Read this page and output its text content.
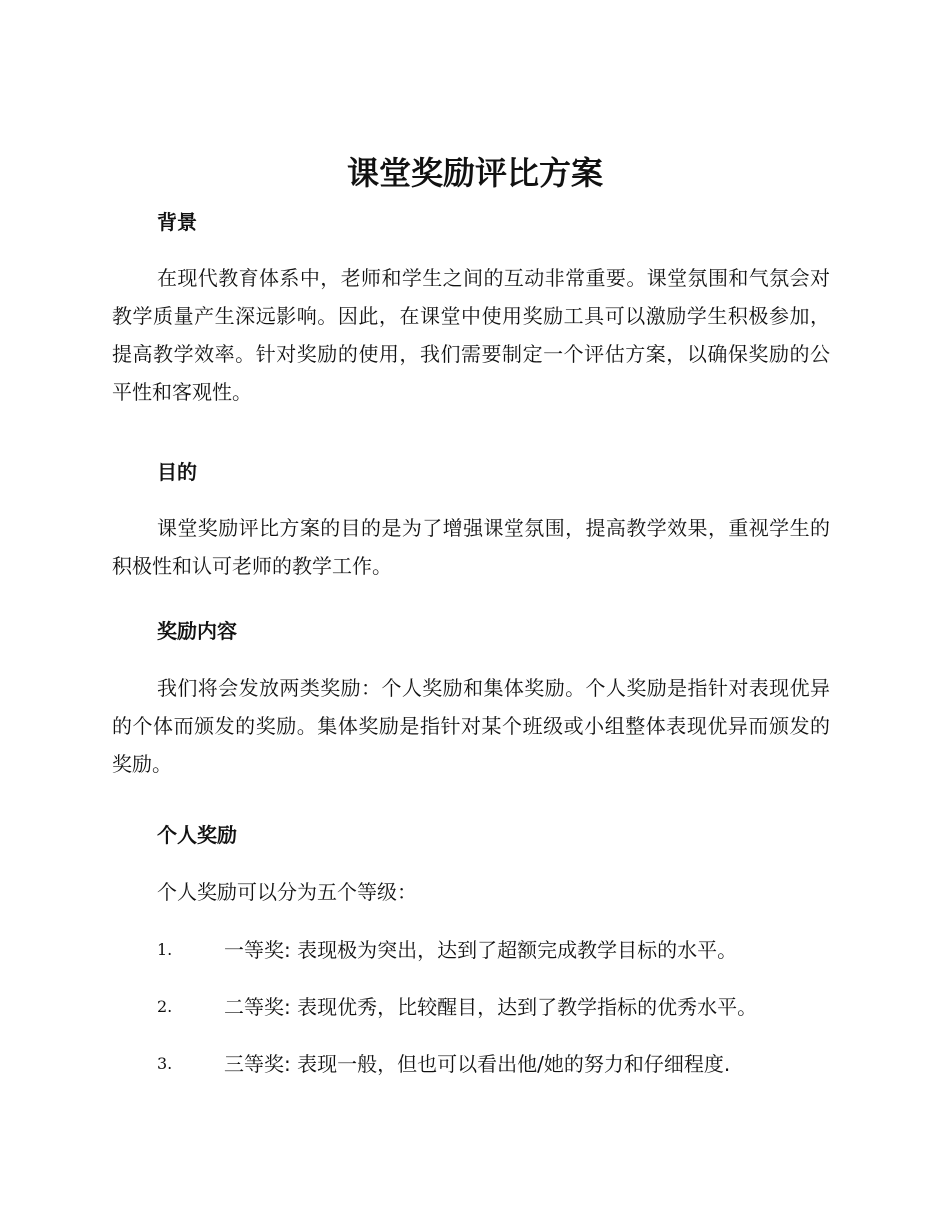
课堂奖励评比方案
背景

在现代教育体系中，老师和学生之间的互动非常重要。课堂氛围和气氛会对教学质量产生深远影响。因此，在课堂中使用奖励工具可以激励学生积极参加，提高教学效率。针对奖励的使用，我们需要制定一个评估方案，以确保奖励的公平性和客观性。

目的

课堂奖励评比方案的目的是为了增强课堂氛围，提高教学效果，重视学生的积极性和认可老师的教学工作。

奖励内容

我们将会发放两类奖励：个人奖励和集体奖励。个人奖励是指针对表现优异的个体而颁发的奖励。集体奖励是指针对某个班级或小组整体表现优异而颁发的奖励。

个人奖励
个人奖励可以分为五个等级：
1.	一等奖: 表现极为突出，达到了超额完成教学目标的水平。
2.	二等奖: 表现优秀，比较醒目，达到了教学指标的优秀水平。
3.	三等奖: 表现一般，但也可以看出他/她的努力和仔细程度.
